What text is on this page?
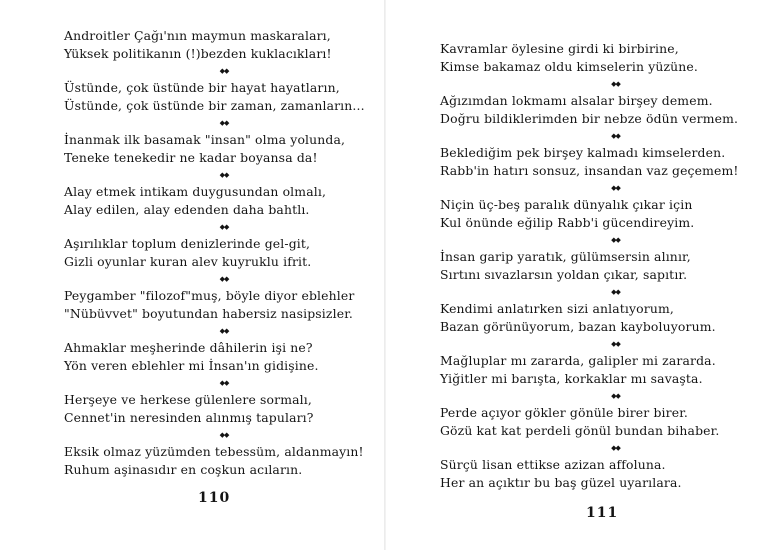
Androitler Çağı'nın maymun maskaraları,
Yüksek politikanın (!)bezden kuklacıkları!
◆◆
Üstünde, çok üstünde bir hayat hayatların,
Üstünde, çok üstünde bir zaman, zamanların...
◆◆
İnanmak ilk basamak "insan" olma yolunda,
Teneke tenekedir ne kadar boyansa da!
◆◆
Alay etmek intikam duygusundan olmalı,
Alay edilen, alay edenden daha bahtlı.
◆◆
Aşırılıklar toplum denizlerinde gel-git,
Gizli oyunlar kuran alev kuyruklu ifrit.
◆◆
Peygamber "filozof"muş, böyle diyor eblehler
"Nübüvvet" boyutundan habersiz nasipsizler.
◆◆
Ahmaklar meşherinde dâhilerin işi ne?
Yön veren eblehler mi İnsan'ın gidişine.
◆◆
Herşeye ve herkese gülenlere sormalı,
Cennet'in neresinden alınmış tapuları?
◆◆
Eksik olmaz yüzümden tebessüm, aldanmayın!
Ruhum aşinasıdır en coşkun acıların.
110
Kavramlar öylesine girdi ki birbirine,
Kimse bakamaz oldu kimselerin yüzüne.
◆◆
Ağızımdan lokmamı alsalar birşey demem.
Doğru bildiklerimden bir nebze ödün vermem.
◆◆
Beklediğim pek birşey kalmadı kimselerden.
Rabb'in hatırı sonsuz, insandan vaz geçemem!
◆◆
Niçin üç-beş paralık dünyalık çıkar için
Kul önünde eğilip Rabb'i gücendireyim.
◆◆
İnsan garip yaratık, gülümsersin alınır,
Sırtını sıvazlarsın yoldan çıkar, sapıtır.
◆◆
Kendimi anlatırken sizi anlatıyorum,
Bazan görünüyorum, bazan kayboluyorum.
◆◆
Mağluplar mı zararda, galipler mi zararda.
Yiğitler mi barışta, korkaklar mı savaşta.
◆◆
Perde açıyor gökler gönüle birer birer.
Gözü kat kat perdeli gönül bundan bihaber.
◆◆
Sürçü lisan ettikse azizan affoluna.
Her an açıktır bu baş güzel uyarılara.
111
